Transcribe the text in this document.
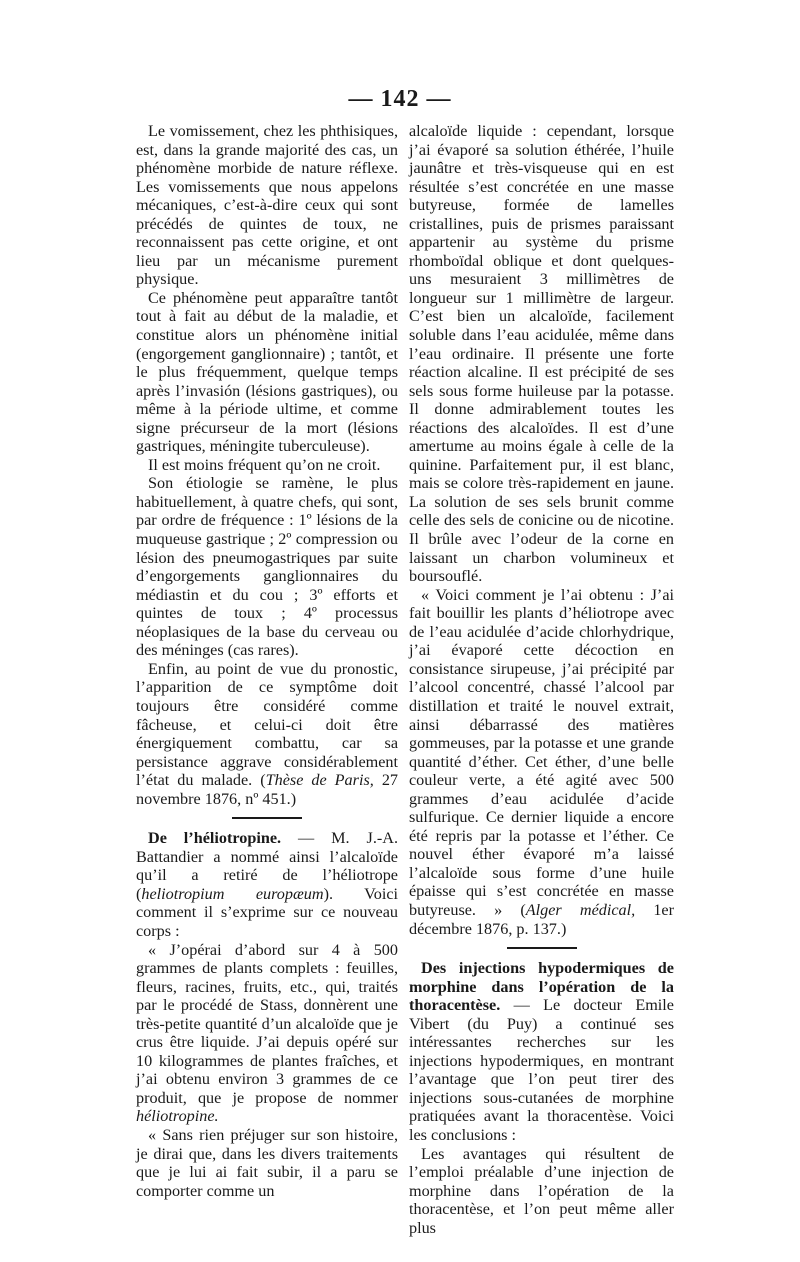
— 142 —

Le vomissement, chez les phthisiques, est, dans la grande majorité des cas, un phénomène morbide de nature réflexe. Les vomissements que nous appelons mécaniques, c’est-à-dire ceux qui sont précédés de quintes de toux, ne reconnaissent pas cette origine, et ont lieu par un mécanisme purement physique.

Ce phénomène peut apparaître tantôt tout à fait au début de la maladie, et constitue alors un phénomène initial (engorgement ganglionnaire) ; tantôt, et le plus fréquemment, quelque temps après l’invasión (lésions gastriques), ou même à la période ultime, et comme signe précurseur de la mort (lésions gastriques, méningite tuberculeuse).

Il est moins fréquent qu’on ne croit.

Son étiologie se ramène, le plus habituellement, à quatre chefs, qui sont, par ordre de fréquence : 1º lésions de la muqueuse gastrique ; 2º compression ou lésion des pneumogastriques par suite d’engorgements ganglionnaires du médiastin et du cou ; 3º efforts et quintes de toux ; 4º processus néoplasiques de la base du cerveau ou des méninges (cas rares).

Enfin, au point de vue du pronostic, l’apparition de ce symptôme doit toujours être considéré comme fâcheuse, et celui-ci doit être énergiquement combattu, car sa persistance aggrave considérablement l’état du malade. (Thèse de Paris, 27 novembre 1876, nº 451.)

De l’héliotropine. — M. J.-A. Battandier a nommé ainsi l’alcaloïde qu’il a retiré de l’héliotrope (heliotropium europæum). Voici comment il s’exprime sur ce nouveau corps :

« J’opérai d’abord sur 4 à 500 grammes de plants complets : feuilles, fleurs, racines, fruits, etc., qui, traités par le procédé de Stass, donnèrent une très-petite quantité d’un alcaloïde que je crus être liquide. J’ai depuis opéré sur 10 kilogrammes de plantes fraîches, et j’ai obtenu environ 3 grammes de ce produit, que je propose de nommer héliotropine.

« Sans rien préjuger sur son histoire, je dirai que, dans les divers traitements que je lui ai fait subir, il a paru se comporter comme un

alcaloïde liquide : cependant, lorsque j’ai évaporé sa solution éthérée, l’huile jaunâtre et très-visqueuse qui en est résultée s’est concrétée en une masse butyreuse, formée de lamelles cristallines, puis de prismes paraissant appartenir au système du prisme rhomboïdal oblique et dont quelques-uns mesuraient 3 millimètres de longueur sur 1 millimètre de largeur. C’est bien un alcaloïde, facilement soluble dans l’eau acidulée, même dans l’eau ordinaire. Il présente une forte réaction alcaline. Il est précipité de ses sels sous forme huileuse par la potasse. Il donne admirablement toutes les réactions des alcaloïdes. Il est d’une amertume au moins égale à celle de la quinine. Parfaitement pur, il est blanc, mais se colore très-rapidement en jaune. La solution de ses sels brunit comme celle des sels de conicine ou de nicotine. Il brûle avec l’odeur de la corne en laissant un charbon volumineux et boursouflé.

« Voici comment je l’ai obtenu : J’ai fait bouillir les plants d’héliotrope avec de l’eau acidulée d’acide chlorhydrique, j’ai évaporé cette décoction en consistance sirupeuse, j’ai précipité par l’alcool concentré, chassé l’alcool par distillation et traité le nouvel extrait, ainsi débarrassé des matières gommeuses, par la potasse et une grande quantité d’éther. Cet éther, d’une belle couleur verte, a été agité avec 500 grammes d’eau acidulée d’acide sulfurique. Ce dernier liquide a encore été repris par la potasse et l’éther. Ce nouvel éther évaporé m’a laissé l’alcaloïde sous forme d’une huile épaisse qui s’est concrétée en masse butyreuse. » (Alger médical, 1er décembre 1876, p. 137.)

Des injections hypodermiques de morphine dans l’opération de la thoracentèse. — Le docteur Emile Vibert (du Puy) a continué ses intéressantes recherches sur les injections hypodermiques, en montrant l’avantage que l’on peut tirer des injections sous-cutanées de morphine pratiquées avant la thoracentèse. Voici les conclusions :

Les avantages qui résultent de l’emploi préalable d’une injection de morphine dans l’opération de la thoracentèse, et l’on peut même aller plus
